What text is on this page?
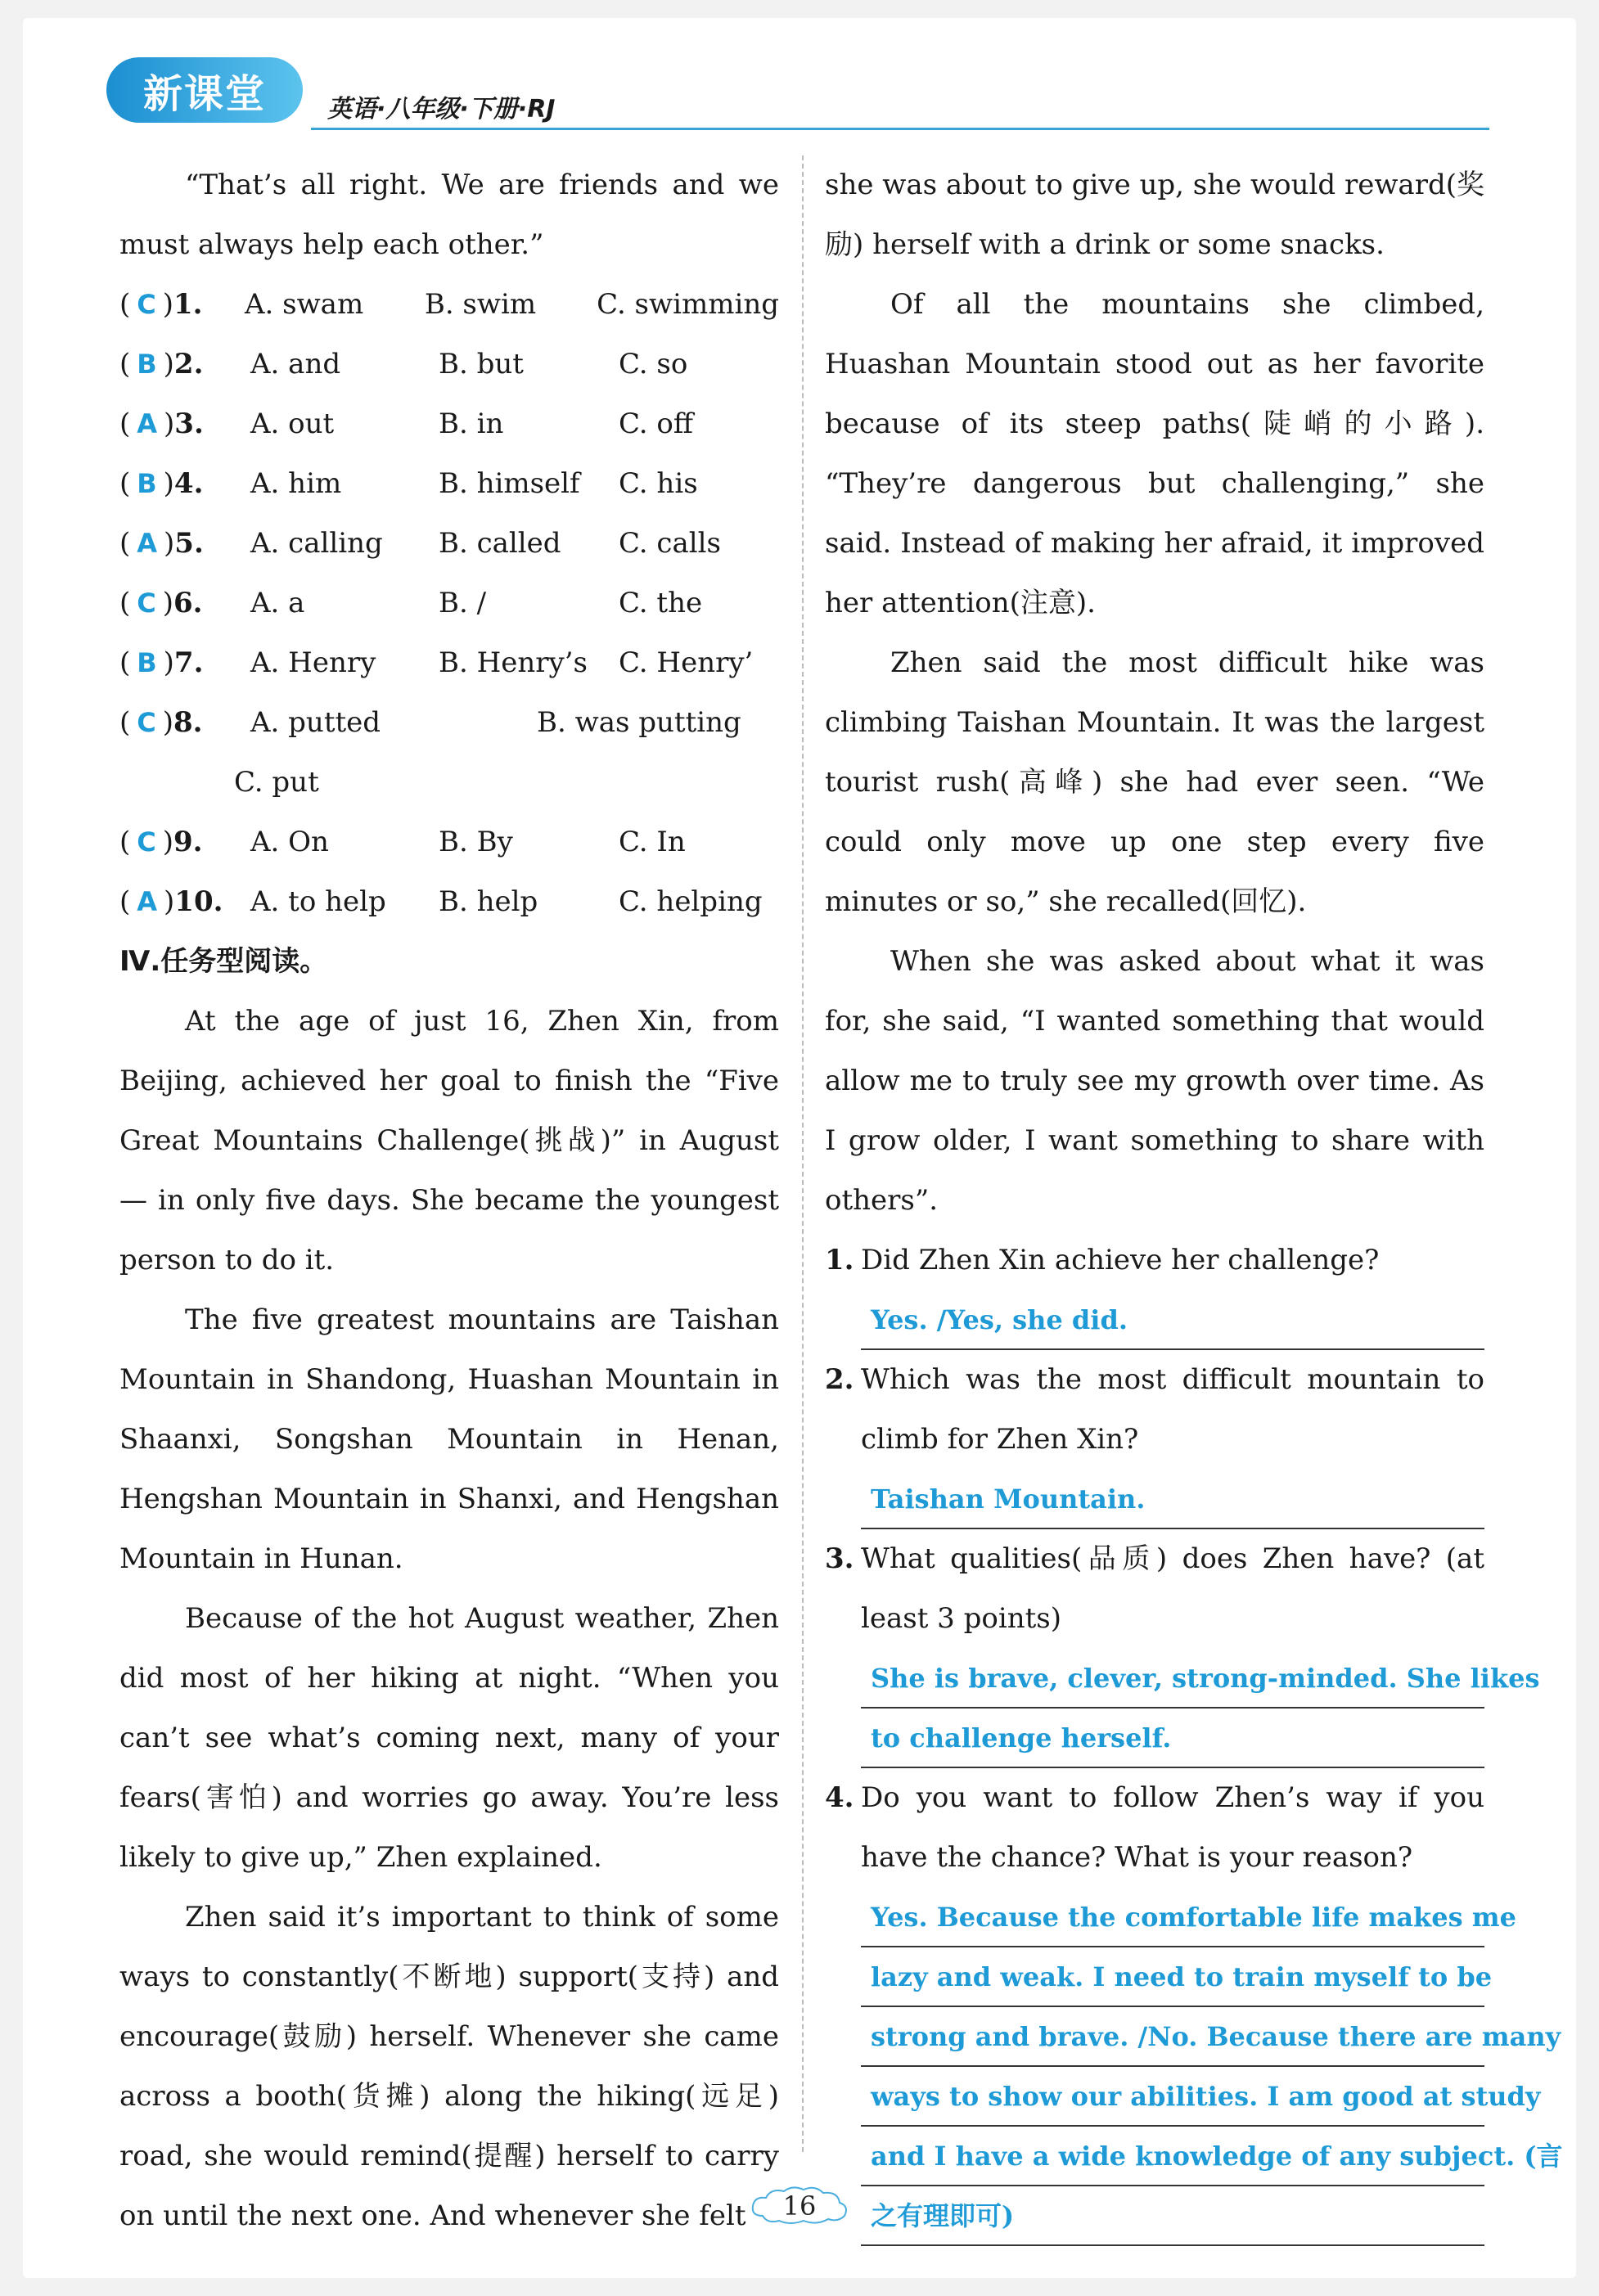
新课堂	英语·八年级·下册·RJ

“That’s all right. We are friends and we must always help each other.”

( C )1.	A. swam	B. swim	C. swimming
( B )2.	A. and	B. but	C. so
( A )3.	A. out	B. in	C. off
( B )4.	A. him	B. himself	C. his
( A )5.	A. calling	B. called	C. calls
( C )6.	A. a	B. /	C. the
( B )7.	A. Henry	B. Henry’s	C. Henry’
( C )8.	A. putted	B. was putting
C. put
( C )9.	A. On	B. By	C. In
( A )10. A. to help	B. help	C. helping
Ⅳ.任务型阅读。

At the age of just 16, Zhen Xin, from Beijing, achieved her goal to finish the “Five Great Mountains Challenge(挑战)” in August — in only five days. She became the youngest person to do it.

The five greatest mountains are Taishan Mountain in Shandong, Huashan Mountain in Shaanxi, Songshan Mountain in Henan, Hengshan Mountain in Shanxi, and Hengshan Mountain in Hunan.

Because of the hot August weather, Zhen did most of her hiking at night. “When you can’t see what’s coming next, many of your fears(害怕) and worries go away. You’re less likely to give up,” Zhen explained.

Zhen said it’s important to think of some ways to constantly(不断地) support(支持) and encourage(鼓励) herself. Whenever she came across a booth(货摊) along the hiking(远足) road, she would remind(提醒) herself to carry on until the next one. And whenever she felt

she was about to give up, she would reward(奖励) herself with a drink or some snacks.

Of all the mountains she climbed, Huashan Mountain stood out as her favorite because of its steep paths(陡峭的小路). “They’re dangerous but challenging,” she said. Instead of making her afraid, it improved her attention(注意).

Zhen said the most difficult hike was climbing Taishan Mountain. It was the largest tourist rush(高峰) she had ever seen. “We could only move up one step every five minutes or so,” she recalled(回忆).

When she was asked about what it was for, she said, “I wanted something that would allow me to truly see my growth over time. As I grow older, I want something to share with others”.

1. Did Zhen Xin achieve her challenge?
Yes. /Yes, she did.
2. Which was the most difficult mountain to climb for Zhen Xin?
Taishan Mountain.
3. What qualities(品质) does Zhen have? (at least 3 points)
She is brave, clever, strong-minded. She likes
to challenge herself.
4. Do you want to follow Zhen’s way if you have the chance? What is your reason?
Yes. Because the comfortable life makes me
lazy and weak. I need to train myself to be
strong and brave. /No. Because there are many
ways to show our abilities. I am good at study
and I have a wide knowledge of any subject. (言
之有理即可)
16
